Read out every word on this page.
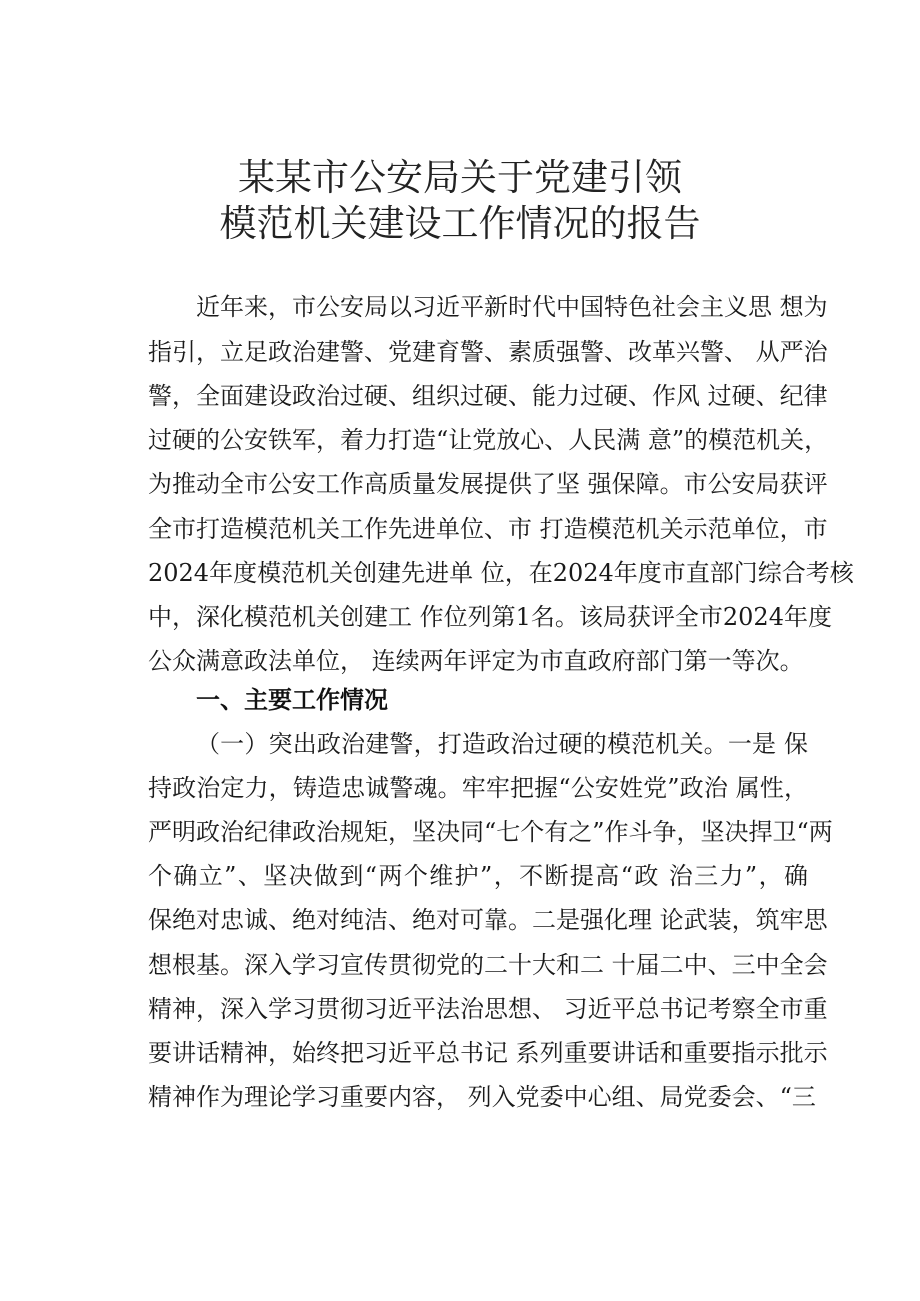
某某市公安局关于党建引领
模范机关建设工作情况的报告

近年来，市公安局以习近平新时代中国特色社会主义思 想为

指引，立足政治建警、党建育警、素质强警、改革兴警、 从严治

警，全面建设政治过硬、组织过硬、能力过硬、作风 过硬、纪律

过硬的公安铁军，着力打造“让党放心、人民满 意”的模范机关，

为推动全市公安工作高质量发展提供了坚 强保障。市公安局获评

全市打造模范机关工作先进单位、市 打造模范机关示范单位，市

2024年度模范机关创建先进单 位，在2024年度市直部门综合考核

中，深化模范机关创建工 作位列第1名。该局获评全市2024年度

公众满意政法单位， 连续两年评定为市直政府部门第一等次。

一、主要工作情况

（一）突出政治建警，打造政治过硬的模范机关。一是 保

持政治定力，铸造忠诚警魂。牢牢把握“公安姓党”政治 属性，

严明政治纪律政治规矩，坚决同“七个有之”作斗争，坚决捍卫“两

个确立”、坚决做到“两个维护”，不断提高“政 治三力”，确

保绝对忠诚、绝对纯洁、绝对可靠。二是强化理 论武装，筑牢思

想根基。深入学习宣传贯彻党的二十大和二 十届二中、三中全会

精神，深入学习贯彻习近平法治思想、 习近平总书记考察全市重

要讲话精神，始终把习近平总书记 系列重要讲话和重要指示批示

精神作为理论学习重要内容， 列入党委中心组、局党委会、“三
